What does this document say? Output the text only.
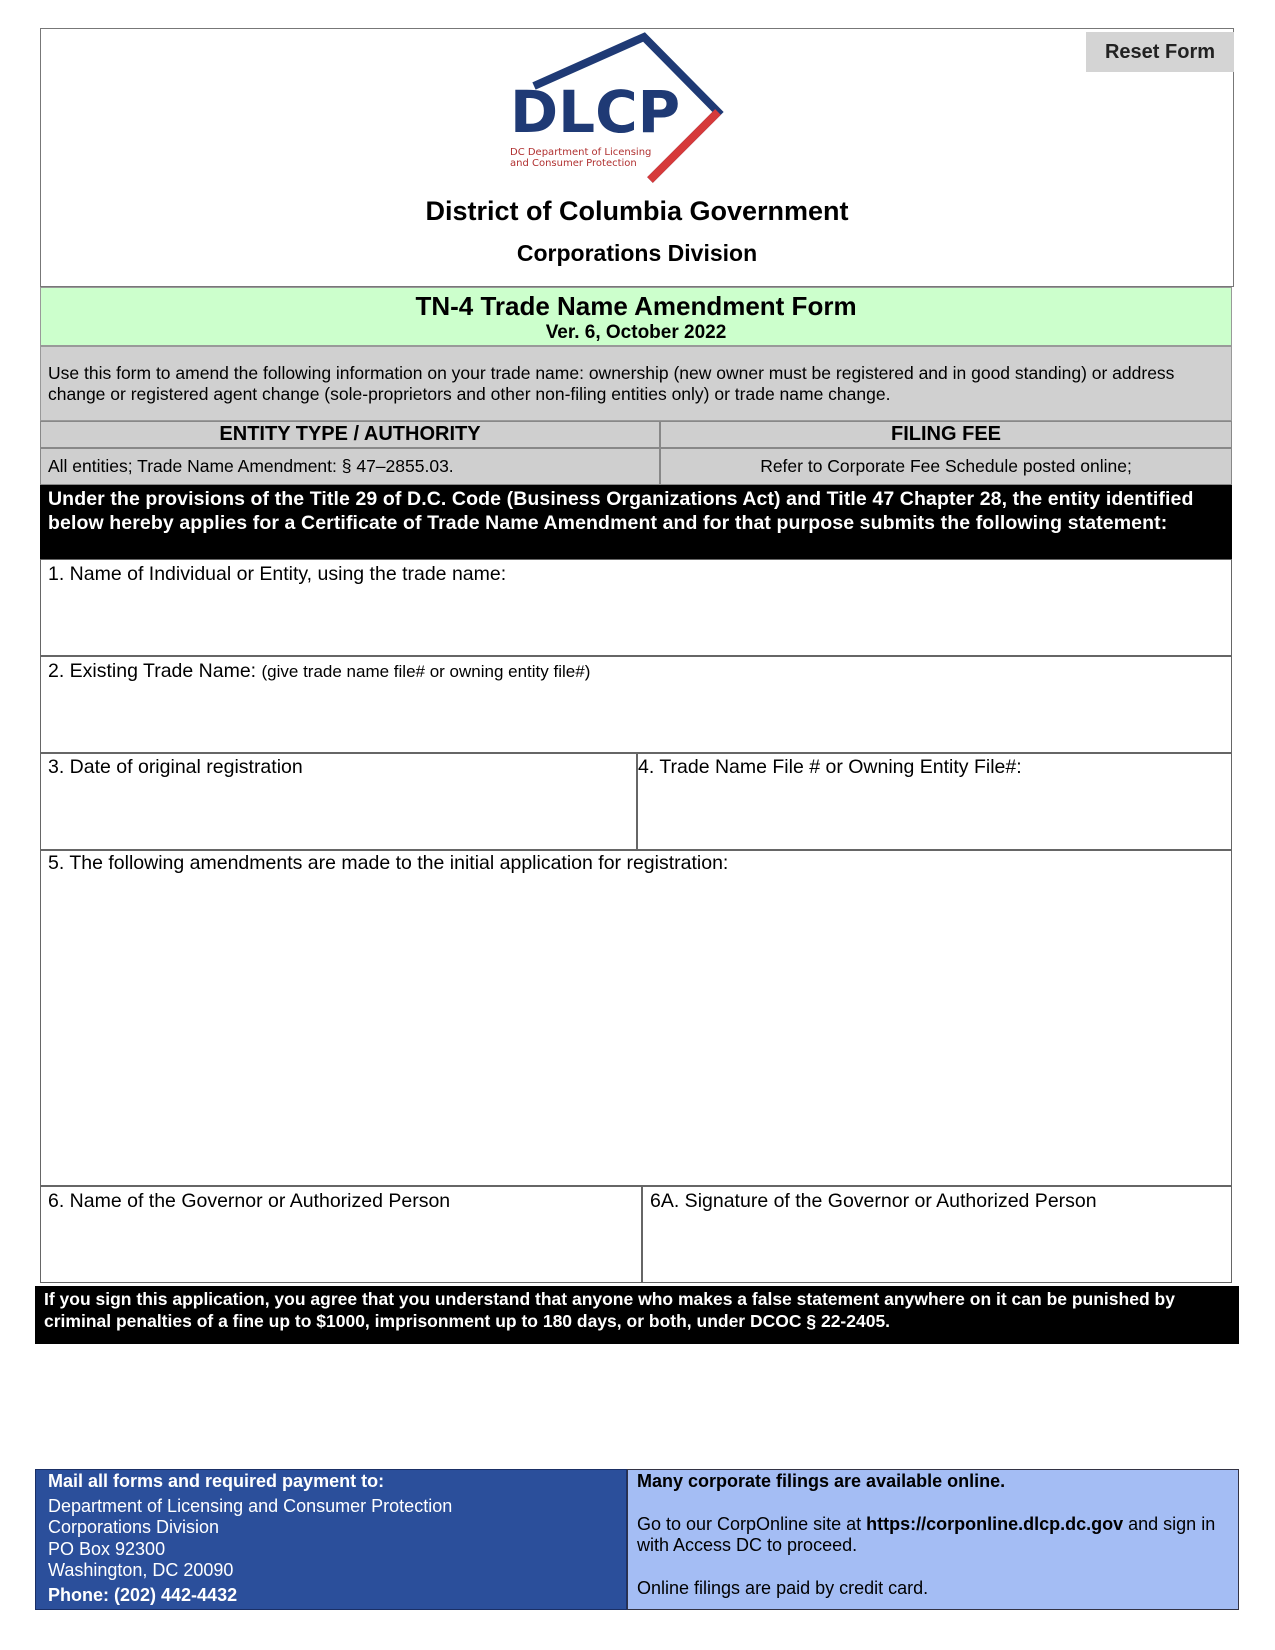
Reset Form
DLCP
DC Department of Licensing
and Consumer Protection
District of Columbia Government
Corporations Division
TN-4 Trade Name Amendment Form
Ver. 6, October 2022
Use this form to amend the following information on your trade name: ownership (new owner must be registered and in good standing) or address change or registered agent change (sole-proprietors and other non-filing entities only) or trade name change.
ENTITY TYPE / AUTHORITY	FILING FEE
All entities; Trade Name Amendment: § 47–2855.03.	Refer to Corporate Fee Schedule posted online;
Under the provisions of the Title 29 of D.C. Code (Business Organizations Act) and Title 47 Chapter 28, the entity identified below hereby applies for a Certificate of Trade Name Amendment and for that purpose submits the following statement:
1. Name of Individual or Entity, using the trade name:
2. Existing Trade Name: (give trade name file# or owning entity file#)
3. Date of original registration	4. Trade Name File # or Owning Entity File#:
5. The following amendments are made to the initial application for registration:
6. Name of the Governor or Authorized Person	6A. Signature of the Governor or Authorized Person
If you sign this application, you agree that you understand that anyone who makes a false statement anywhere on it can be punished by criminal penalties of a fine up to $1000, imprisonment up to 180 days, or both, under DCOC § 22-2405.
Mail all forms and required payment to:
Department of Licensing and Consumer Protection
Corporations Division
PO Box 92300
Washington, DC 20090
Phone: (202) 442-4432
Many corporate filings are available online.
Go to our CorpOnline site at https://corponline.dlcp.dc.gov and sign in with Access DC to proceed.
Online filings are paid by credit card.
